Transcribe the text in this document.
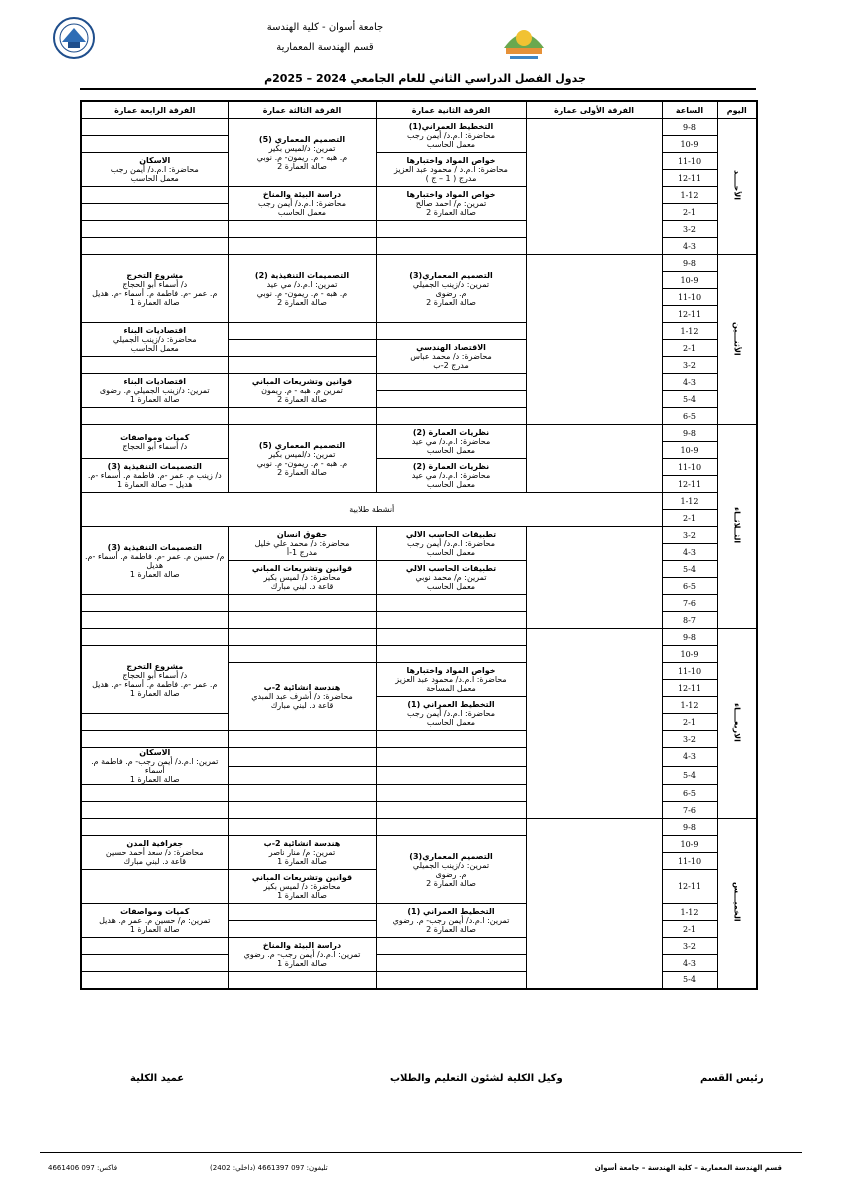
جامعة أسوان - كلية الهندسة
قسم الهندسة المعمارية
جدول الفصل الدراسي الثاني للعام الجامعي 2024 – 2025م
اليوم	الساعة	الفرقة الأولى عمارة	الفرقة الثانية عمارة	الفرقة الثالثة عمارة	الفرقة الرابعة عمارة
الأحــــد	9-8		التخطيط العمراني(1)
محاضرة: ا.م.د/ أيمن رجب
معمل الحاسب	التصميم المعماري (5)
تمرين: د/لميس بكير
م. هبه - م. ريمون- م. نوبي
صالة العمارة 2	

	10-9				
	11-10		خواص المواد واختبارها
محاضرة: ا.م.د / محمود عبد العزيز
مدرج ( 1 – ج )		الاسكان
محاضرة: ا.م.د/ أيمن رجب
معمل الحاسب

	12-11				
	1-12		خواص المواد واختبارها
تمرين: م/ احمد صالح
صالة العمارة 2	دراسة البيئة والمناخ
محاضرة: ا.م.د/ أيمن رجب
معمل الحاسب	

	2-1				
	3-2				
	4-3				
الأثنـــين	9-8		التصميم المعماري(3)
تمرين: د/زينب الجميلي
م. رضوى
صالة العمارة 2	التصميمات التنفيذية (2)
تمرين: ا.م.د/ مي عيد
م. هبه - م. ريمون- م. نوبي
صالة العمارة 2	مشروع التخرج
د/ أسماء أبو الحجاج
م. عمر -م. فاطمة م. أسماء -م. هديل
صالة العمارة 1

	10-9				
	11-10				
	12-11				
	1-12				اقتصاديات البناء
محاضرة: د/زينب الجميلي
معمل الحاسب

	2-1		الاقتصاد الهندسي
محاضرة: د/ محمد عباس
مدرج 2-ب		

	3-2				
	4-3			قوانين وتشريعات المباني
تمرين م. هبه - م. ريمون
صالة العمارة 2	اقتصاديات البناء
تمرين: د/زينب الجميلي م. رضوى
صالة العمارة 1

	5-4				
	6-5				
الثــلاثــاء	9-8		نظريات العمارة (2)
محاضرة: ا.م.د/ مي عيد
معمل الحاسب	التصميم المعماري (5)
تمرين: د/لميس بكير
م. هبه - م. ريمون- م. نوبي
صالة العمارة 2	كميات ومواصفات
د/ أسماء أبو الحجاج

	10-9				
	11-10		نظريات العمارة (2)
محاضرة: ا.م.د/ مي عيد
معمل الحاسب		التصميمات التنفيذية (3)
د/ زينب م. عمر -م. فاطمة م. أسماء -م.
هديل – صالة العمارة 1

	12-11				
	1-12	أنشطة طلابية			
	2-1				
	3-2		تطبيقات الحاسب الالي
محاضرة: ا.م.د/ أيمن رجب
معمل الحاسب	حقوق انسان
محاضرة: د/ محمد علي خليل
مدرج 1-أ	التصميمات التنفيذية (3)
م/ حسين م. عمر -م. فاطمة م. أسماء -م.
هديل
صالة العمارة 1

	4-3				
	5-4		تطبيقات الحاسب الالي
تمرين: م/ محمد نوبي
معمل الحاسب	قوانين وتشريعات المباني
محاضرة: د/ لميس بكير
قاعة د. لبني مبارك	

	6-5				
	7-6				
	8-7				
الاربعــــاء	9-8				
	10-9				مشروع التخرج
د/ أسماء أبو الحجاج
م. عمر -م. فاطمة م. أسماء -م. هديل
صالة العمارة 1

	11-10		خواص المواد واختبارها
محاضرة: ا.م.د/ محمود عبد العزيز
معمل المساحة	هندسة انشائية 2-ب
محاضرة: د/ أشرف عبد المبدي
قاعة د. لبني مبارك	

	12-11				
	1-12		التخطيط العمراني (1)
محاضرة: ا.م.د/ أيمن رجب
معمل الحاسب		

	2-1				
	3-2				
	4-3				الاسكان
تمرين: ا.م.د/ أيمن رجب- م. فاطمة م. أسماء
صالة العمارة 1

	5-4				
	6-5				
	7-6				
الخميـــس	9-8				
	10-9		التصميم المعماري(3)
تمرين: د/زينب الجميلي
م. رضوى
صالة العمارة 2	هندسة انشائية 2-ب
تمرين: م/ منار ناصر
صالة العمارة 1	جغرافية المدن
محاضرة: د/ سعد أحمد حسين
قاعة د. لبني مبارك

	11-10				
	12-11			قوانين وتشريعات المباني
محاضرة: د/ لميس بكير
صالة العمارة 1	

	1-12		التخطيط العمراني (1)
تمرين: ا.م.د/ أيمن رجب- م. رضوي
صالة العمارة 2		كميات ومواصفات
تمرين: م/ حسين م. عمر م. هديل
صالة العمارة 1

	2-1				
	3-2			دراسة البيئة والمناخ
تمرين: ا.م.د/ أيمن رجب- م. رضوي
صالة العمارة 1	

	4-3				
	5-4				
رئيس القسم
وكيل الكلية لشئون التعليم والطلاب
عميد الكلية
قسم الهندسة المعمارية – كلية الهندسة – جامعة أسوان
تليفون: 097 4661397 (داخلي: 2402)
فاكس: 097 4661406
